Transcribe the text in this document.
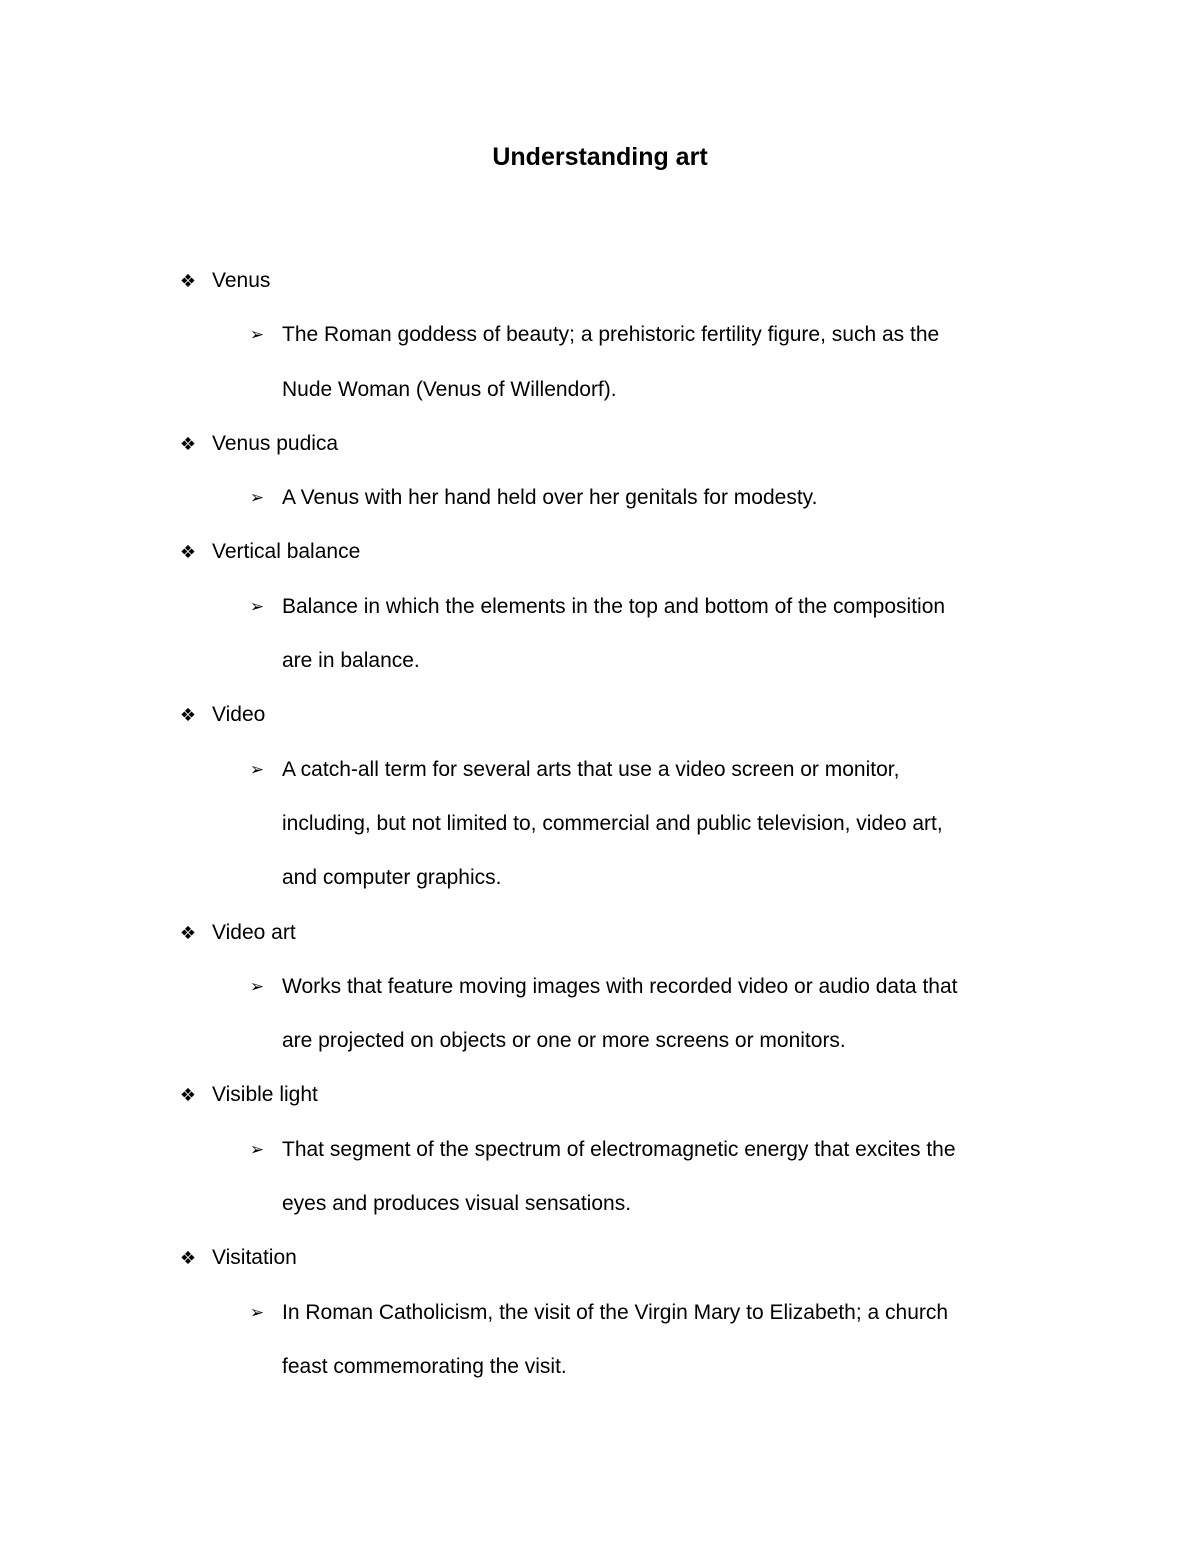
Understanding art
❖ Venus
➢ The Roman goddess of beauty; a prehistoric fertility figure, such as the
Nude Woman (Venus of Willendorf).
❖ Venus pudica
➢ A Venus with her hand held over her genitals for modesty.
❖ Vertical balance
➢ Balance in which the elements in the top and bottom of the composition
are in balance.
❖ Video
➢ A catch-all term for several arts that use a video screen or monitor,
including, but not limited to, commercial and public television, video art,
and computer graphics.
❖ Video art
➢ Works that feature moving images with recorded video or audio data that
are projected on objects or one or more screens or monitors.
❖ Visible light
➢ That segment of the spectrum of electromagnetic energy that excites the
eyes and produces visual sensations.
❖ Visitation
➢ In Roman Catholicism, the visit of the Virgin Mary to Elizabeth; a church
feast commemorating the visit.
